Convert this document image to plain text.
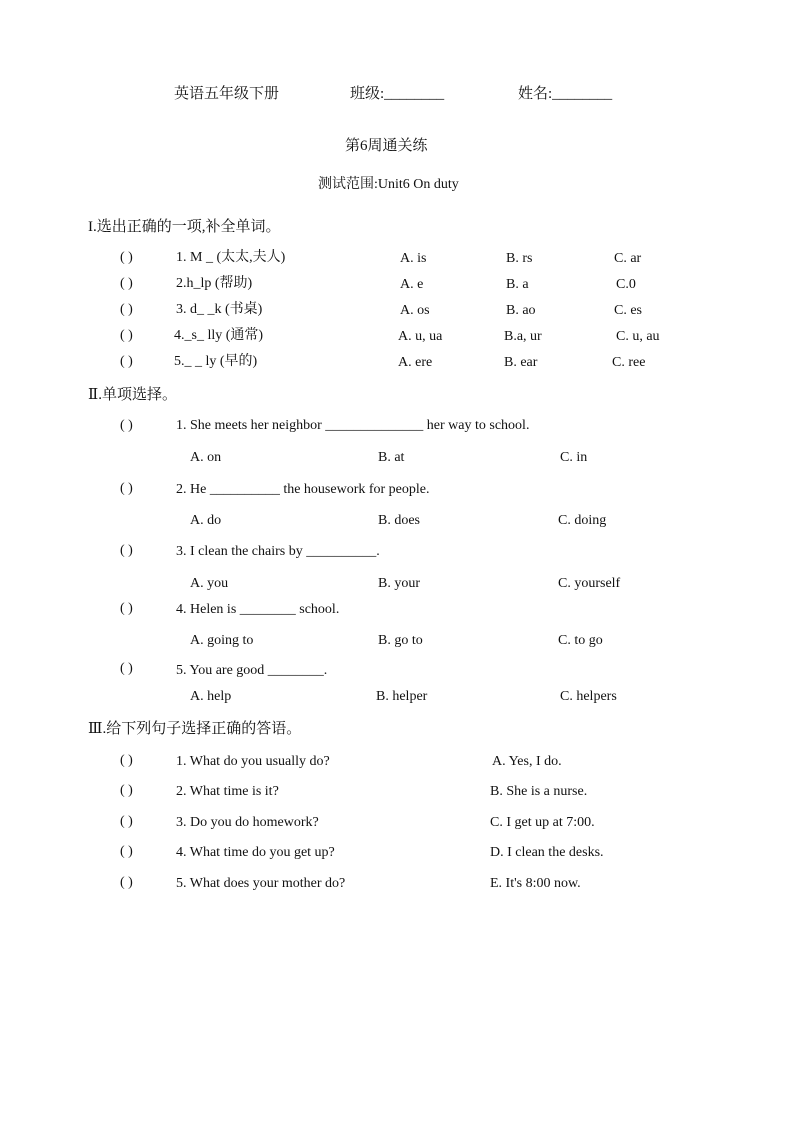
英语五年级下册	班级:________	姓名:________
第6周通关练
测试范围:Unit6 On duty
I.选出正确的一项,补全单词。
( )	1. M _ (太太,夫人)	A. is	B. rs	C. ar
( )	2.h_lp (帮助)	A. e	B. a	C.0
( )	3. d_ _k (书桌)	A. os	B. ao	C. es
( )	4._s_ lly (通常)	A. u, ua	B.a, ur	C. u, au
( )	5._ _ ly (早的)	A. ere	B. ear	C. ree
Ⅱ.单项选择。
( )	1. She meets her neighbor ______________ her way to school.
A. on	B. at	C. in
( )	2. He __________ the housework for people.
A. do	B. does	C. doing
( )	3. I clean the chairs by __________.
A. you	B. your	C. yourself
( )	4. Helen is ________ school.
A. going to	B. go to	C. to go
( )	5. You are good ________.
A. help	B. helper	C. helpers
Ⅲ.给下列句子选择正确的答语。
( )	1. What do you usually do?	A. Yes, I do.
( )	2. What time is it?	B. She is a nurse.
( )	3. Do you do homework?	C. I get up at 7:00.
( )	4. What time do you get up?	D. I clean the desks.
( )	5. What does your mother do?	E. It's 8:00 now.
